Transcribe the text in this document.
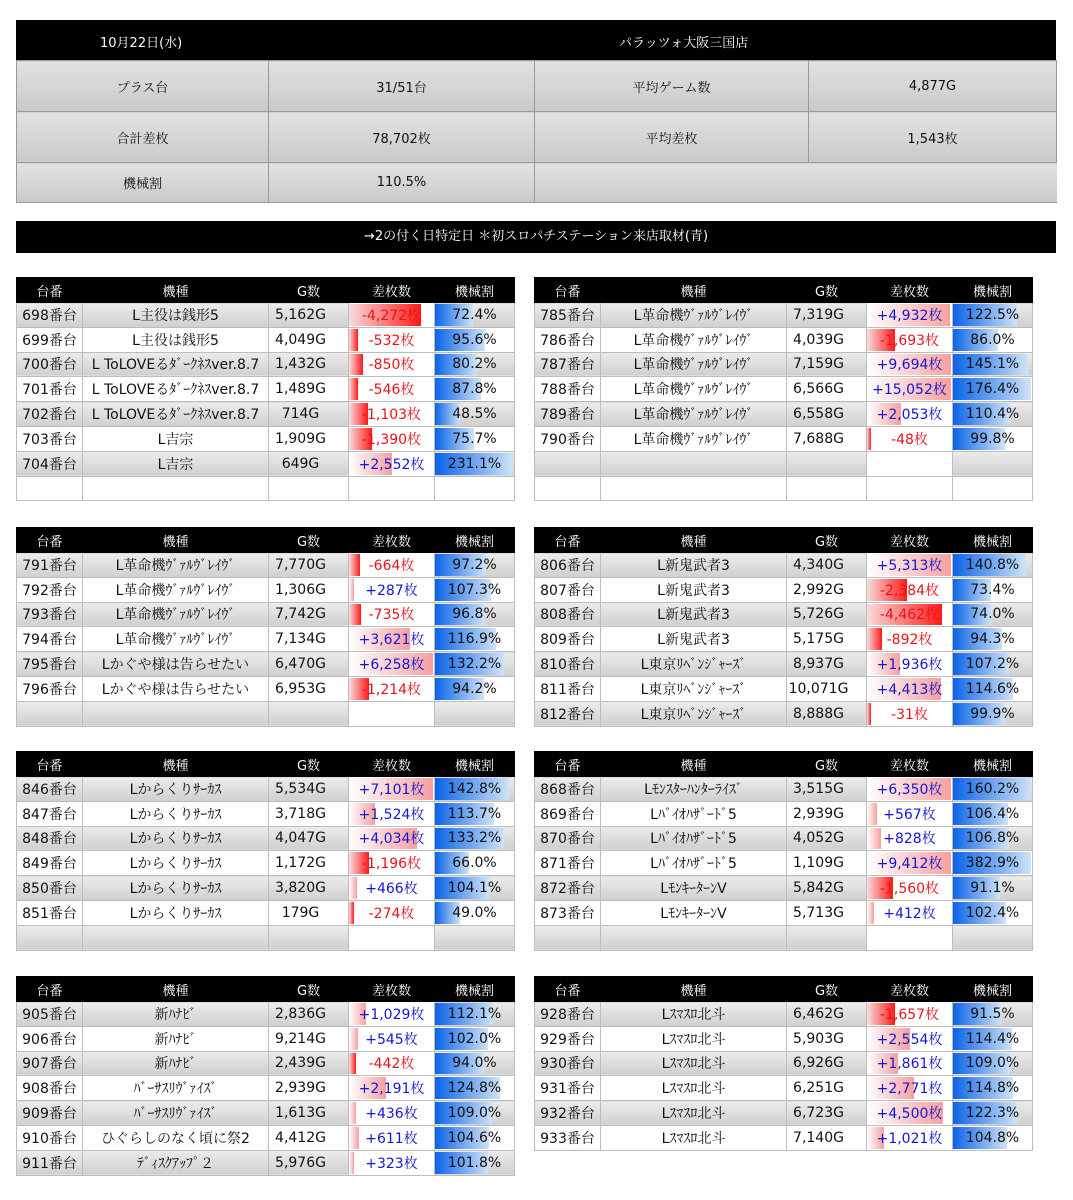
10月22日(水)	パラッツォ大阪三国店
プラス台	31/51台	平均ゲーム数	4,877G
合計差枚	78,702枚	平均差枚	1,543枚
機械割	110.5%		
→2の付く日特定日 ＊初スロパチステーション来店取材(青)
台番	機種	G数	差枚数	機械割
698番台	L主役は銭形5	5,162G	-4,272枚	72.4%
699番台	L主役は銭形5	4,049G	-532枚	95.6%
700番台	L ToLOVEるﾀﾞｰｸﾈｽver.8.7	1,432G	-850枚	80.2%
701番台	L ToLOVEるﾀﾞｰｸﾈｽver.8.7	1,489G	-546枚	87.8%
702番台	L ToLOVEるﾀﾞｰｸﾈｽver.8.7	714G	-1,103枚	48.5%
703番台	L吉宗	1,909G	-1,390枚	75.7%
704番台	L吉宗	649G	+2,552枚	231.1%

台番	機種	G数	差枚数	機械割
785番台	L革命機ｳﾞｧﾙｳﾞﾚｲｳﾞ	7,319G	+4,932枚	122.5%
786番台	L革命機ｳﾞｧﾙｳﾞﾚｲｳﾞ	4,039G	-1,693枚	86.0%
787番台	L革命機ｳﾞｧﾙｳﾞﾚｲｳﾞ	7,159G	+9,694枚	145.1%
788番台	L革命機ｳﾞｧﾙｳﾞﾚｲｳﾞ	6,566G	+15,052枚	176.4%
789番台	L革命機ｳﾞｧﾙｳﾞﾚｲｳﾞ	6,558G	+2,053枚	110.4%
790番台	L革命機ｳﾞｧﾙｳﾞﾚｲｳﾞ	7,688G	-48枚	99.8%

台番	機種	G数	差枚数	機械割
791番台	L革命機ｳﾞｧﾙｳﾞﾚｲｳﾞ	7,770G	-664枚	97.2%
792番台	L革命機ｳﾞｧﾙｳﾞﾚｲｳﾞ	1,306G	+287枚	107.3%
793番台	L革命機ｳﾞｧﾙｳﾞﾚｲｳﾞ	7,742G	-735枚	96.8%
794番台	L革命機ｳﾞｧﾙｳﾞﾚｲｳﾞ	7,134G	+3,621枚	116.9%
795番台	Lかぐや様は告らせたい	6,470G	+6,258枚	132.2%
796番台	Lかぐや様は告らせたい	6,953G	-1,214枚	94.2%

台番	機種	G数	差枚数	機械割
806番台	L新鬼武者3	4,340G	+5,313枚	140.8%
807番台	L新鬼武者3	2,992G	-2,384枚	73.4%
808番台	L新鬼武者3	5,726G	-4,462枚	74.0%
809番台	L新鬼武者3	5,175G	-892枚	94.3%
810番台	L東京ﾘﾍﾞﾝｼﾞｬｰｽﾞ	8,937G	+1,936枚	107.2%
811番台	L東京ﾘﾍﾞﾝｼﾞｬｰｽﾞ	10,071G	+4,413枚	114.6%
812番台	L東京ﾘﾍﾞﾝｼﾞｬｰｽﾞ	8,888G	-31枚	99.9%
台番	機種	G数	差枚数	機械割
846番台	Lからくりｻｰｶｽ	5,534G	+7,101枚	142.8%
847番台	Lからくりｻｰｶｽ	3,718G	+1,524枚	113.7%
848番台	Lからくりｻｰｶｽ	4,047G	+4,034枚	133.2%
849番台	Lからくりｻｰｶｽ	1,172G	-1,196枚	66.0%
850番台	Lからくりｻｰｶｽ	3,820G	+466枚	104.1%
851番台	Lからくりｻｰｶｽ	179G	-274枚	49.0%

台番	機種	G数	差枚数	機械割
868番台	Lﾓﾝｽﾀｰﾊﾝﾀｰﾗｲｽﾞ	3,515G	+6,350枚	160.2%
869番台	Lﾊﾞｲｵﾊｻﾞｰﾄﾞ5	2,939G	+567枚	106.4%
870番台	Lﾊﾞｲｵﾊｻﾞｰﾄﾞ5	4,052G	+828枚	106.8%
871番台	Lﾊﾞｲｵﾊｻﾞｰﾄﾞ5	1,109G	+9,412枚	382.9%
872番台	LﾓﾝｷｰﾀｰﾝV	5,842G	-1,560枚	91.1%
873番台	LﾓﾝｷｰﾀｰﾝV	5,713G	+412枚	102.4%

台番	機種	G数	差枚数	機械割
905番台	新ﾊﾅﾋﾞ	2,836G	+1,029枚	112.1%
906番台	新ﾊﾅﾋﾞ	9,214G	+545枚	102.0%
907番台	新ﾊﾅﾋﾞ	2,439G	-442枚	94.0%
908番台	ﾊﾞｰｻｽﾘｳﾞｧｲｽﾞ	2,939G	+2,191枚	124.8%
909番台	ﾊﾞｰｻｽﾘｳﾞｧｲｽﾞ	1,613G	+436枚	109.0%
910番台	ひぐらしのなく頃に祭2	4,412G	+611枚	104.6%
911番台	ﾃﾞｨｽｸｱｯﾌﾟ２	5,976G	+323枚	101.8%
台番	機種	G数	差枚数	機械割
928番台	Lｽﾏｽﾛ北斗	6,462G	-1,657枚	91.5%
929番台	Lｽﾏｽﾛ北斗	5,903G	+2,554枚	114.4%
930番台	Lｽﾏｽﾛ北斗	6,926G	+1,861枚	109.0%
931番台	Lｽﾏｽﾛ北斗	6,251G	+2,771枚	114.8%
932番台	Lｽﾏｽﾛ北斗	6,723G	+4,500枚	122.3%
933番台	Lｽﾏｽﾛ北斗	7,140G	+1,021枚	104.8%
